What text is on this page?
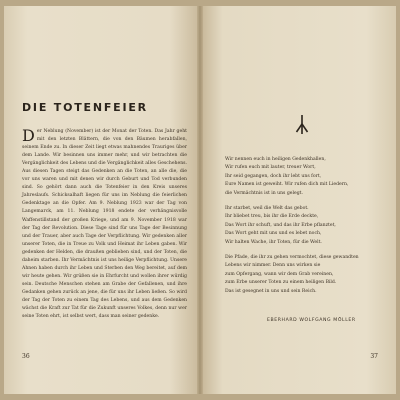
DIE TOTENFEIER
Der Neblung (November) ist der Monat der Toten. Das Jahr geht mit den letzten Blättern, die von den Bäumen herabfallen, seinem Ende zu. In dieser Zeit liegt etwas mahnendes Trauriges über dem Lande. Wir besinnen uns immer mehr, und wir betrachten die Vergänglichkeit des Lebens und die Vergänglichkeit alles Geschehens. Aus diesen Tagen steigt das Gedenken an die Toten, an alle die, die vor uns waren und mit denen wir durch Geburt und Tod verbunden sind. So gehört dann auch die Totenfeier in den Kreis unseres Jahreslaufs. Schicksalhaft liegen für uns im Neblung die feierlichen Gedenktage an die Opfer. Am 9. Neblung 1923 war der Tag von Langemarck, am 11. Neblung 1918 endete der verhängnisvolle Waffenstillstand der großen Kriege, und am 9. November 1918 war der Tag der Revolution. Diese Tage sind für uns Tage der Besinnung und der Trauer, aber auch Tage der Verpflichtung. Wir gedenken aller unserer Toten, die in Treue zu Volk und Heimat ihr Leben gaben. Wir gedenken der Helden, die draußen geblieben sind, und der Toten, die daheim starben. Ihr Vermächtnis ist uns heilige Verpflichtung. Unsere Ahnen haben durch ihr Leben und Sterben den Weg bereitet, auf dem wir heute gehen. Wir grüßen sie in Ehrfurcht und wollen ihrer würdig sein. Deutsche Menschen stehen am Grabe der Gefallenen, und ihre Gedanken gehen zurück an jene, die für uns ihr Leben ließen. So wird der Tag der Toten zu einem Tag des Lebens, und aus dem Gedenken wächst die Kraft zur Tat für die Zukunft unseres Volkes, denn nur wer seine Toten ehrt, ist selbst wert, dass man seiner gedenke.
36
Wir nennen euch in heiligen Gedenkhallen,
Wir rufen euch mit lauter, treuer Wort,
Ihr seid gegangen, doch ihr lebt uns fort,
Eure Namen ist geweiht. Wir rufen dich mit Liedern,
die Vermächtnis ist in uns gelegt.
Ihr starbet, weil die Welt das gebot.
Ihr bliebet treu, bis ihr die Erde deckte,
Das Wort ihr schuft, und das ihr Erbe pflanztet,
Das Wort geht mit uns und es lebet noch,
Wir halten Wache, ihr Toten, für die Welt.
Die Pfade, die ihr zu gehen vermochtet, diese gewandten
Lebens wir nimmer. Denn uns wirken sie
zum Opfergang, wann wir dem Grab vereinen,
zum Erbe unserer Toten zu einem heiligen Bild.
Das ist gesegnet in uns und sein Reich.
EBERHARD WOLFGANG MÖLLER
37
